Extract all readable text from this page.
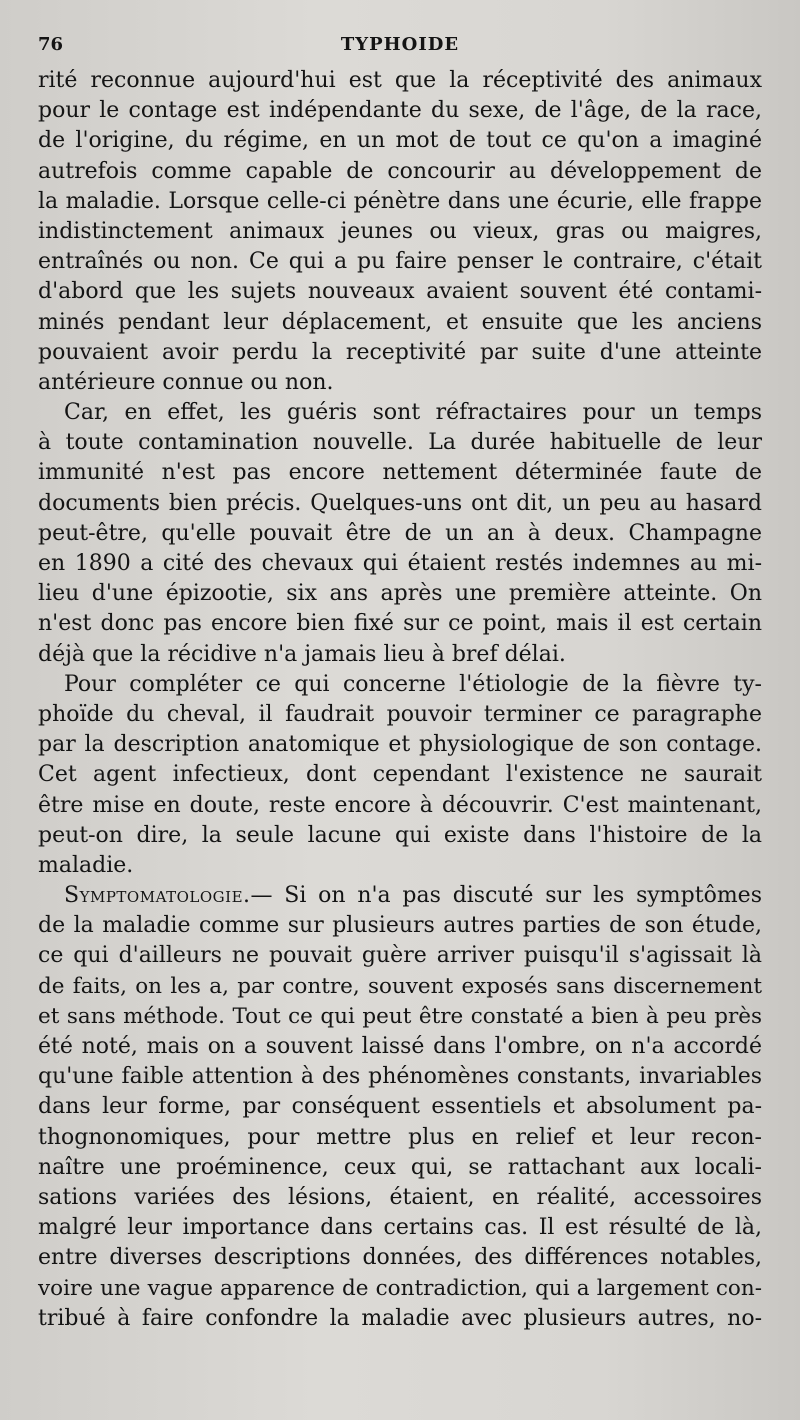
76	TYPHOIDE
rité reconnue aujourd'hui est que la réceptivité des animaux
pour le contage est indépendante du sexe, de l'âge, de la race,
de l'origine, du régime, en un mot de tout ce qu'on a imaginé
autrefois comme capable de concourir au développement de
la maladie. Lorsque celle-ci pénètre dans une écurie, elle frappe
indistinctement animaux jeunes ou vieux, gras ou maigres,
entraînés ou non. Ce qui a pu faire penser le contraire, c'était
d'abord que les sujets nouveaux avaient souvent été contami-
minés pendant leur déplacement, et ensuite que les anciens
pouvaient avoir perdu la receptivité par suite d'une atteinte
antérieure connue ou non.
Car, en effet, les guéris sont réfractaires pour un temps
à toute contamination nouvelle. La durée habituelle de leur
immunité n'est pas encore nettement déterminée faute de
documents bien précis. Quelques-uns ont dit, un peu au hasard
peut-être, qu'elle pouvait être de un an à deux. Champagne
en 1890 a cité des chevaux qui étaient restés indemnes au mi-
lieu d'une épizootie, six ans après une première atteinte. On
n'est donc pas encore bien fixé sur ce point, mais il est certain
déjà que la récidive n'a jamais lieu à bref délai.
Pour compléter ce qui concerne l'étiologie de la fièvre ty-
phoïde du cheval, il faudrait pouvoir terminer ce paragraphe
par la description anatomique et physiologique de son contage.
Cet agent infectieux, dont cependant l'existence ne saurait
être mise en doute, reste encore à découvrir. C'est maintenant,
peut-on dire, la seule lacune qui existe dans l'histoire de la
maladie.
Symptomatologie.— Si on n'a pas discuté sur les symptômes
de la maladie comme sur plusieurs autres parties de son étude,
ce qui d'ailleurs ne pouvait guère arriver puisqu'il s'agissait là
de faits, on les a, par contre, souvent exposés sans discernement
et sans méthode. Tout ce qui peut être constaté a bien à peu près
été noté, mais on a souvent laissé dans l'ombre, on n'a accordé
qu'une faible attention à des phénomènes constants, invariables
dans leur forme, par conséquent essentiels et absolument pa-
thognonomiques, pour mettre plus en relief et leur recon-
naître une proéminence, ceux qui, se rattachant aux locali-
sations variées des lésions, étaient, en réalité, accessoires
malgré leur importance dans certains cas. Il est résulté de là,
entre diverses descriptions données, des différences notables,
voire une vague apparence de contradiction, qui a largement con-
tribué à faire confondre la maladie avec plusieurs autres, no-
